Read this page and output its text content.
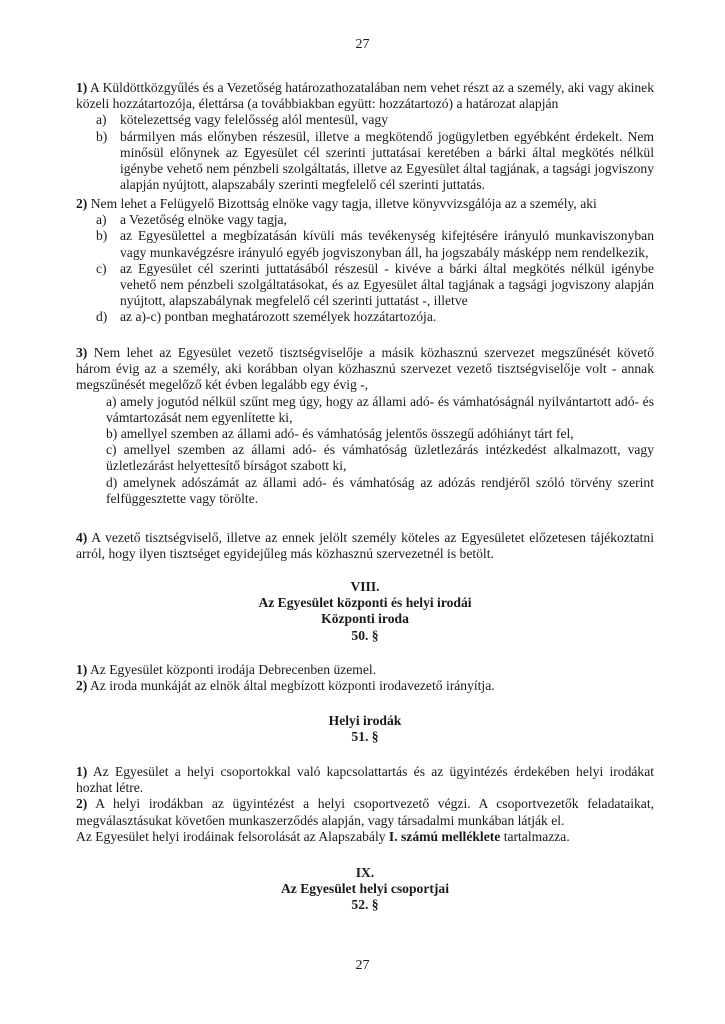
27

1) A Küldöttközgyűlés és a Vezetőség határozathozatalában nem vehet részt az a személy, aki vagy akinek közeli hozzátartozója, élettársa (a továbbiakban együtt: hozzátartozó) a határozat alapján

a) kötelezettség vagy felelősség alól mentesül, vagy
b) bármilyen más előnyben részesül, illetve a megkötendő jogügyletben egyébként érdekelt. Nem minősül előnynek az Egyesület cél szerinti juttatásai keretében a bárki által megkötés nélkül igénybe vehető nem pénzbeli szolgáltatás, illetve az Egyesület által tagjának, a tagsági jogviszony alapján nyújtott, alapszabály szerinti megfelelő cél szerinti juttatás.

2) Nem lehet a Felügyelő Bizottság elnöke vagy tagja, illetve könyvvizsgálója az a személy, aki

a) a Vezetőség elnöke vagy tagja,
b) az Egyesülettel a megbízatásán kívüli más tevékenység kifejtésére irányuló munkaviszonyban vagy munkavégzésre irányuló egyéb jogviszonyban áll, ha jogszabály másképp nem rendelkezik,
c) az Egyesület cél szerinti juttatásából részesül - kivéve a bárki által megkötés nélkül igénybe vehető nem pénzbeli szolgáltatásokat, és az Egyesület által tagjának a tagsági jogviszony alapján nyújtott, alapszabálynak megfelelő cél szerinti juttatást -, illetve
d) az a)-c) pontban meghatározott személyek hozzátartozója.

3) Nem lehet az Egyesület vezető tisztségviselője a másik közhasznú szervezet megszűnését követő három évig az a személy, aki korábban olyan közhasznú szervezet vezető tisztségviselője volt - annak megszűnését megelőző két évben legalább egy évig -,

a) amely jogutód nélkül szűnt meg úgy, hogy az állami adó- és vámhatóságnál nyilvántartott adó- és vámtartozását nem egyenlítette ki,
b) amellyel szemben az állami adó- és vámhatóság jelentős összegű adóhiányt tárt fel,
c) amellyel szemben az állami adó- és vámhatóság üzletlezárás intézkedést alkalmazott, vagy üzletlezárást helyettesítő bírságot szabott ki,
d) amelynek adószámát az állami adó- és vámhatóság az adózás rendjéről szóló törvény szerint felfüggesztette vagy törölte.

4) A vezető tisztségviselő, illetve az ennek jelölt személy köteles az Egyesületet előzetesen tájékoztatni arról, hogy ilyen tisztséget egyidejűleg más közhasznú szervezetnél is betölt.

VIII.
Az Egyesület központi és helyi irodái
Központi iroda
50. §

1) Az Egyesület központi irodája Debrecenben üzemel.

2) Az iroda munkáját az elnök által megbízott központi irodavezető irányítja.

Helyi irodák
51. §

1) Az Egyesület a helyi csoportokkal való kapcsolattartás és az ügyintézés érdekében helyi irodákat hozhat létre.

2) A helyi irodákban az ügyintézést a helyi csoportvezető végzi. A csoportvezetők feladataikat, megválasztásukat követően munkaszerződés alapján, vagy társadalmi munkában látják el.

Az Egyesület helyi irodáinak felsorolását az Alapszabály I. számú melléklete tartalmazza.

IX.
Az Egyesület helyi csoportjai
52. §
27
